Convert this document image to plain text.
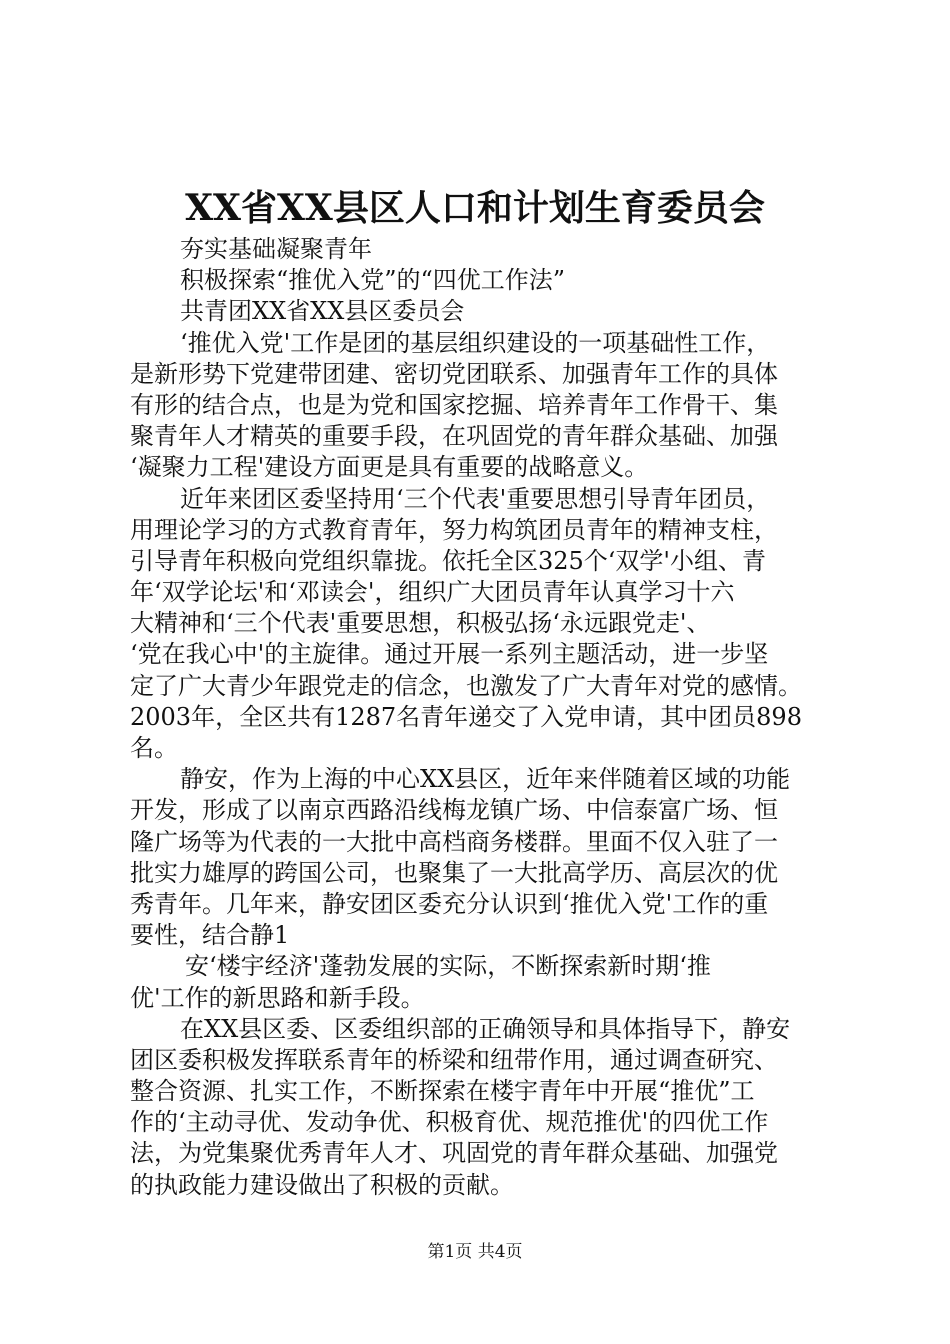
XX省XX县区人口和计划生育委员会
夯实基础凝聚青年
积极探索“推优入党”的“四优工作法”
共青团XX省XX县区委员会
‘推优入党'工作是团的基层组织建设的一项基础性工作，
是新形势下党建带团建、密切党团联系、加强青年工作的具体
有形的结合点，也是为党和国家挖掘、培养青年工作骨干、集
聚青年人才精英的重要手段，在巩固党的青年群众基础、加强
‘凝聚力工程'建设方面更是具有重要的战略意义。
近年来团区委坚持用‘三个代表'重要思想引导青年团员，
用理论学习的方式教育青年，努力构筑团员青年的精神支柱，
引导青年积极向党组织靠拢。依托全区325个‘双学'小组、青
年‘双学论坛'和‘邓读会'，组织广大团员青年认真学习十六
大精神和‘三个代表'重要思想，积极弘扬‘永远跟党走'、
‘党在我心中'的主旋律。通过开展一系列主题活动，进一步坚
定了广大青少年跟党走的信念，也激发了广大青年对党的感情。
2003年，全区共有1287名青年递交了入党申请，其中团员898
名。
静安，作为上海的中心XX县区，近年来伴随着区域的功能
开发，形成了以南京西路沿线梅龙镇广场、中信泰富广场、恒
隆广场等为代表的一大批中高档商务楼群。里面不仅入驻了一
批实力雄厚的跨国公司，也聚集了一大批高学历、高层次的优
秀青年。几年来，静安团区委充分认识到‘推优入党'工作的重
要性，结合静1
安‘楼宇经济'蓬勃发展的实际，不断探索新时期‘推
优'工作的新思路和新手段。
在XX县区委、区委组织部的正确领导和具体指导下，静安
团区委积极发挥联系青年的桥梁和纽带作用，通过调查研究、
整合资源、扎实工作，不断探索在楼宇青年中开展“推优”工
作的‘主动寻优、发动争优、积极育优、规范推优'的四优工作
法，为党集聚优秀青年人才、巩固党的青年群众基础、加强党
的执政能力建设做出了积极的贡献。
第1页 共4页
